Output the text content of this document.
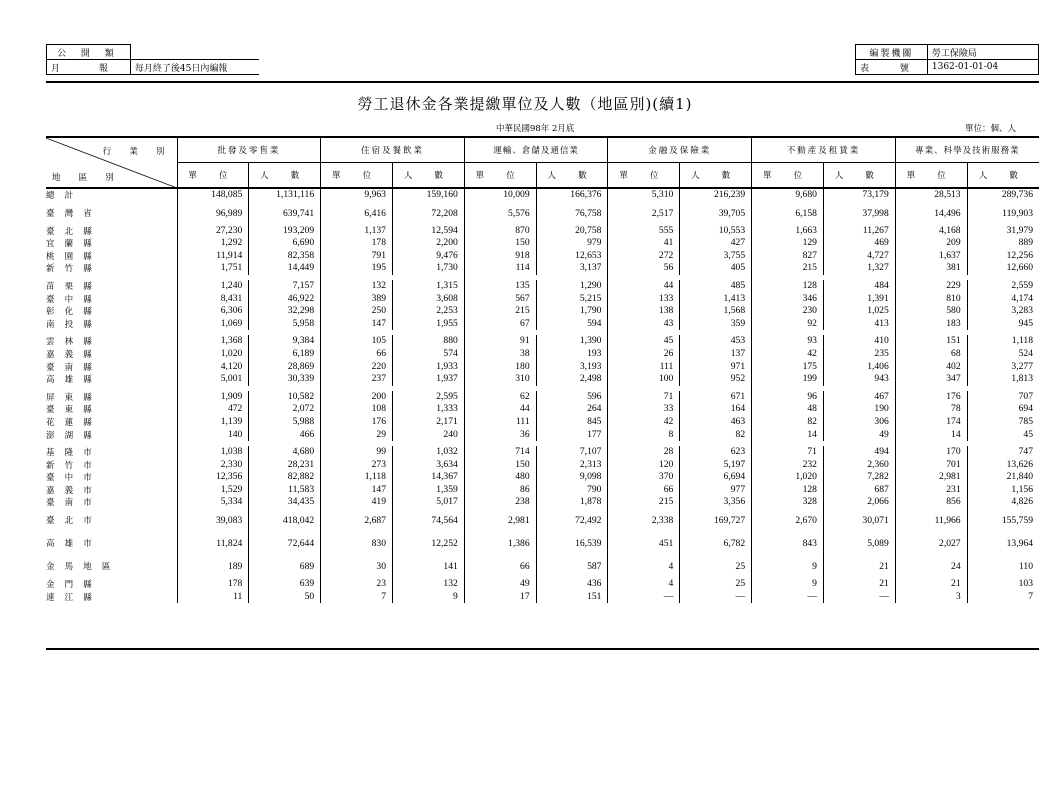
公 開 類	
月 報	每月終了後45日內編報
編製機關	勞工保險局
表 號	1362-01-01-04
勞工退休金各業提繳單位及人數（地區別)(續1)
中華民國98年 2月底	單位：個、人
行 業 別
地 區 別	批發及零售業		住宿及餐飲業		運輸、倉儲及通信業		金融及保險業		不動產及租賃業		專業、科學及技術服務業	
	單 位	人 數	單 位	人 數	單 位	人 數	單 位	人 數	單 位	人 數	單 位	人 數
總 計	148,085	1,131,116	9,963	159,160	10,009	166,376	5,310	216,239	9,680	73,179	28,513	289,736
臺 灣 省	96,989	639,741	6,416	72,208	5,576	76,758	2,517	39,705	6,158	37,998	14,496	119,903
臺 北 縣	27,230	193,209	1,137	12,594	870	20,758	555	10,553	1,663	11,267	4,168	31,979
宜 蘭 縣	1,292	6,690	178	2,200	150	979	41	427	129	469	209	889
桃 園 縣	11,914	82,358	791	9,476	918	12,653	272	3,755	827	4,727	1,637	12,256
新 竹 縣	1,751	14,449	195	1,730	114	3,137	56	405	215	1,327	381	12,660

苗 栗 縣	1,240	7,157	132	1,315	135	1,290	44	485	128	484	229	2,559
臺 中 縣	8,431	46,922	389	3,608	567	5,215	133	1,413	346	1,391	810	4,174
彰 化 縣	6,306	32,298	250	2,253	215	1,790	138	1,568	230	1,025	580	3,283
南 投 縣	1,069	5,958	147	1,955	67	594	43	359	92	413	183	945

雲 林 縣	1,368	9,384	105	880	91	1,390	45	453	93	410	151	1,118
嘉 義 縣	1,020	6,189	66	574	38	193	26	137	42	235	68	524
臺 南 縣	4,120	28,869	220	1,933	180	3,193	111	971	175	1,406	402	3,277
高 雄 縣	5,001	30,339	237	1,937	310	2,498	100	952	199	943	347	1,813

屏 東 縣	1,909	10,582	200	2,595	62	596	71	671	96	467	176	707
臺 東 縣	472	2,072	108	1,333	44	264	33	164	48	190	78	694
花 蓮 縣	1,139	5,988	176	2,171	111	845	42	463	82	306	174	785
澎 湖 縣	140	466	29	240	36	177	8	82	14	49	14	45

基 隆 市	1,038	4,680	99	1,032	714	7,107	28	623	71	494	170	747
新 竹 市	2,330	28,231	273	3,634	150	2,313	120	5,197	232	2,360	701	13,626
臺 中 市	12,356	82,882	1,118	14,367	480	9,098	370	6,694	1,020	7,282	2,981	21,840
嘉 義 市	1,529	11,583	147	1,359	86	790	66	977	128	687	231	1,156
臺 南 市	5,334	34,435	419	5,017	238	1,878	215	3,356	328	2,066	856	4,826
臺 北 市	39,083	418,042	2,687	74,564	2,981	72,492	2,338	169,727	2,670	30,071	11,966	155,759
高 雄 市	11,824	72,644	830	12,252	1,386	16,539	451	6,782	843	5,089	2,027	13,964
金 馬 地 區	189	689	30	141	66	587	4	25	9	21	24	110
金 門 縣	178	639	23	132	49	436	4	25	9	21	21	103
連 江 縣	11	50	7	9	17	151	—	—	—	—	3	7
